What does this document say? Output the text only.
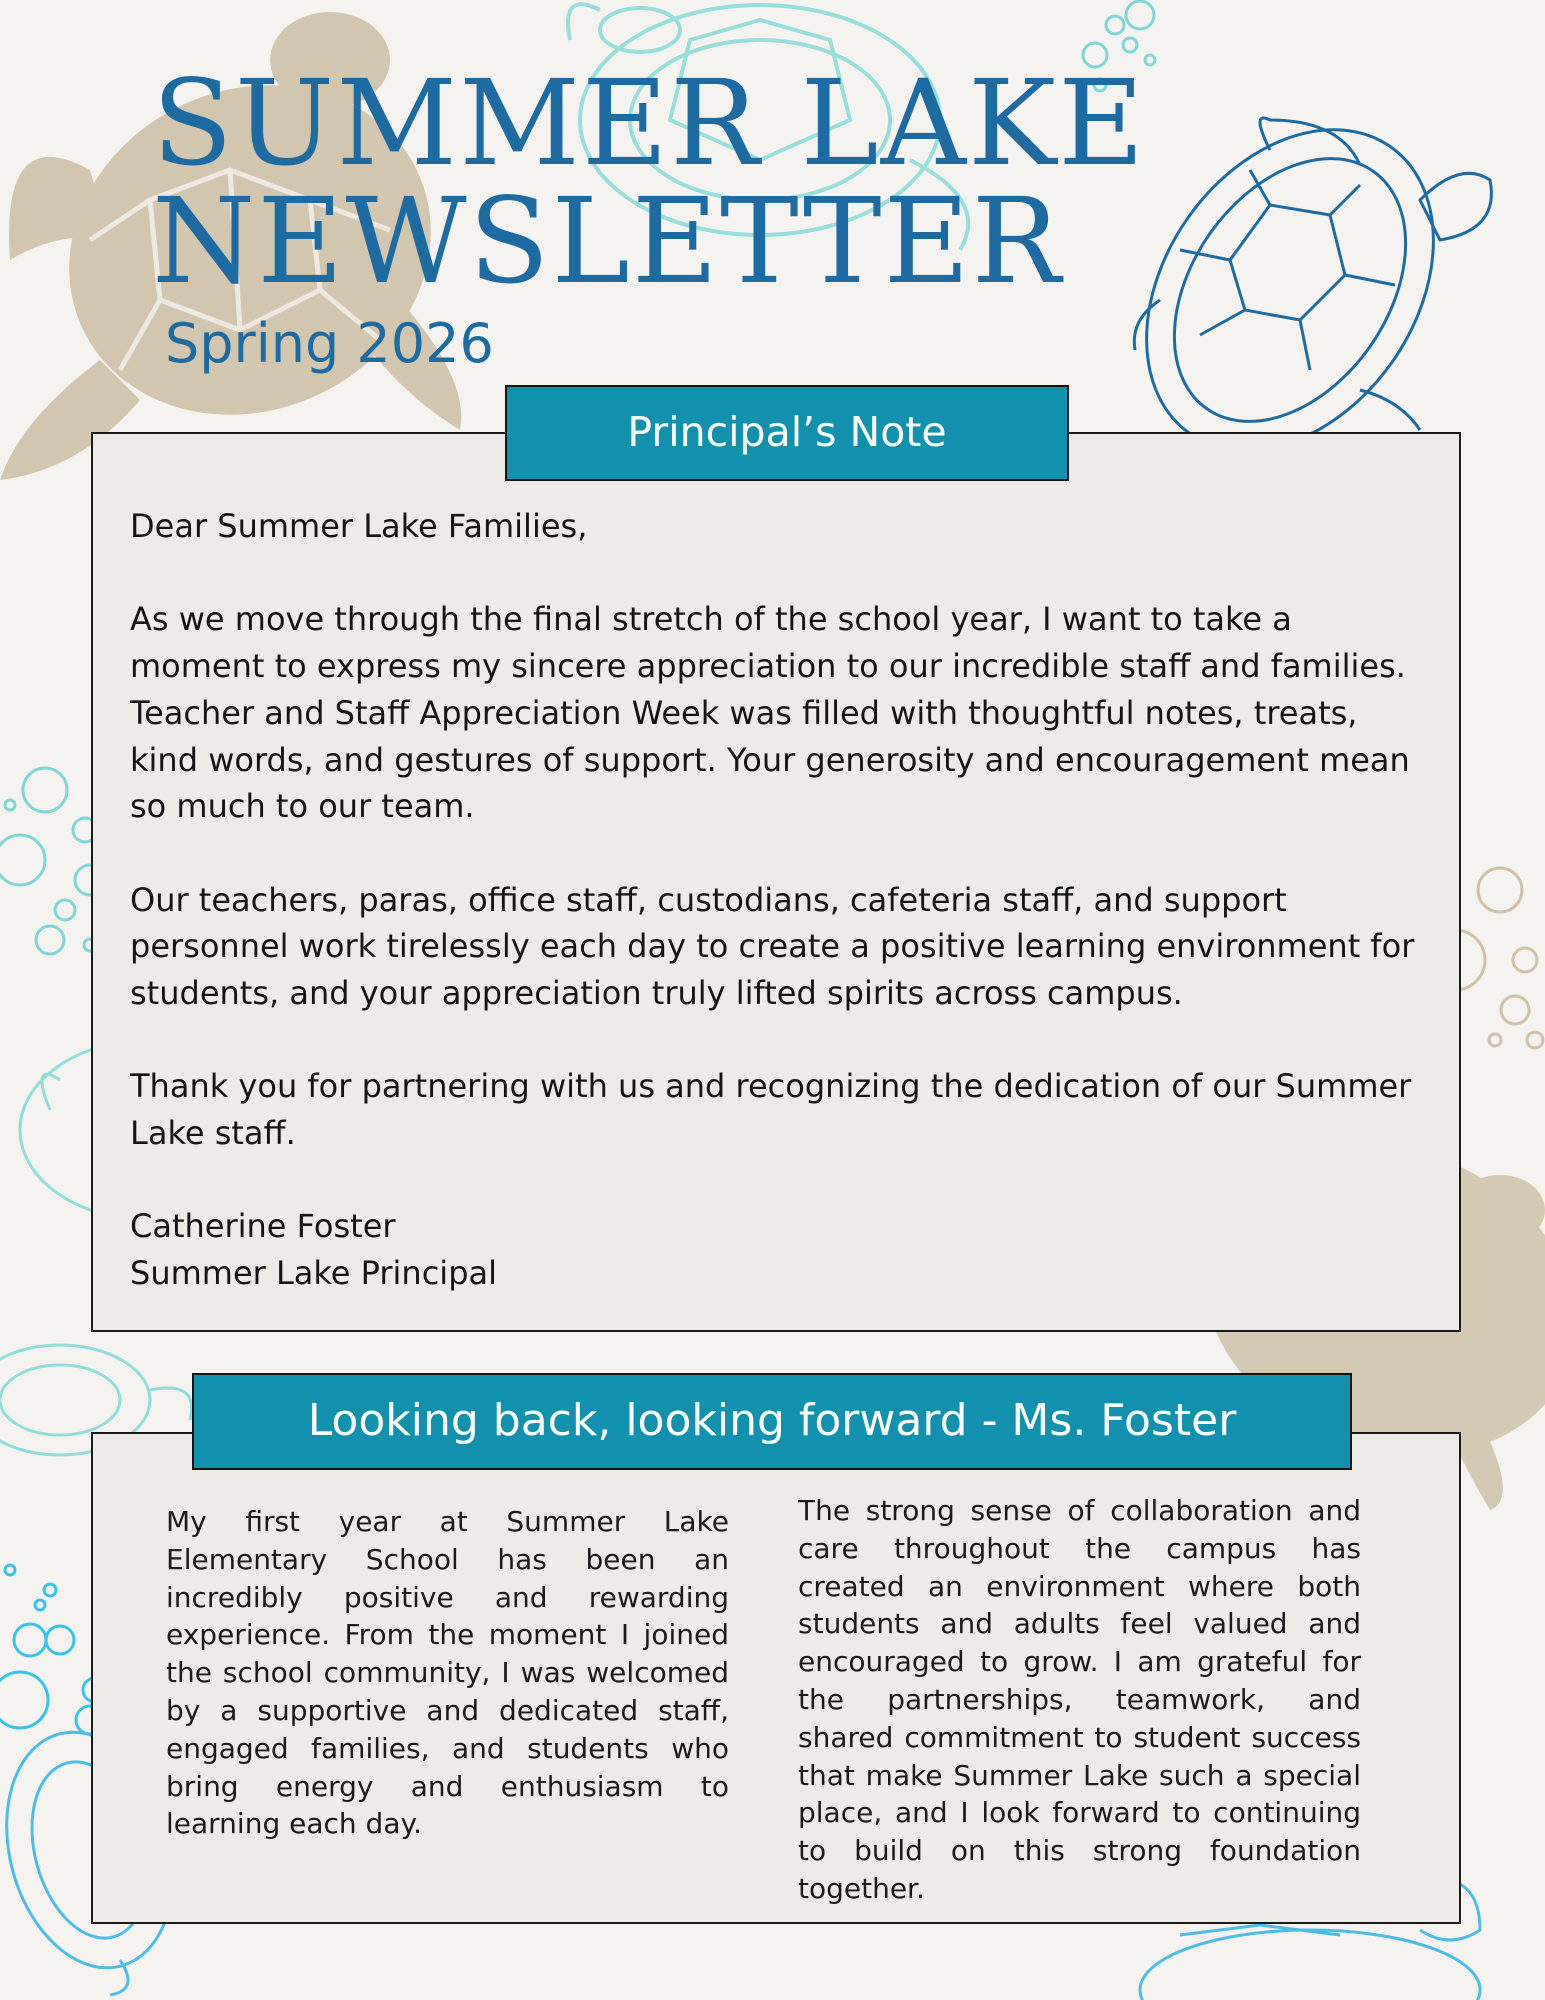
SUMMER LAKE
NEWSLETTER
Spring 2026
Principal’s Note

Dear Summer Lake Families,

As we move through the final stretch of the school year, I want to take a moment to express my sincere appreciation to our incredible staff and families. Teacher and Staff Appreciation Week was filled with thoughtful notes, treats, kind words, and gestures of support. Your generosity and encouragement mean so much to our team.

Our teachers, paras, office staff, custodians, cafeteria staff, and support personnel work tirelessly each day to create a positive learning environment for students, and your appreciation truly lifted spirits across campus.

Thank you for partnering with us and recognizing the dedication of our Summer Lake staff.

Catherine Foster

Summer Lake Principal

Looking back, looking forward - Ms. Foster
My first year at Summer Lake Elementary School has been an incredibly positive and rewarding experience. From the moment I joined the school community, I was welcomed by a supportive and dedicated staff, engaged families, and students who bring energy and enthusiasm to learning each day.
The strong sense of collaboration and care throughout the campus has created an environment where both students and adults feel valued and encouraged to grow. I am grateful for the partnerships, teamwork, and shared commitment to student success that make Summer Lake such a special place, and I look forward to continuing to build on this strong foundation together.
